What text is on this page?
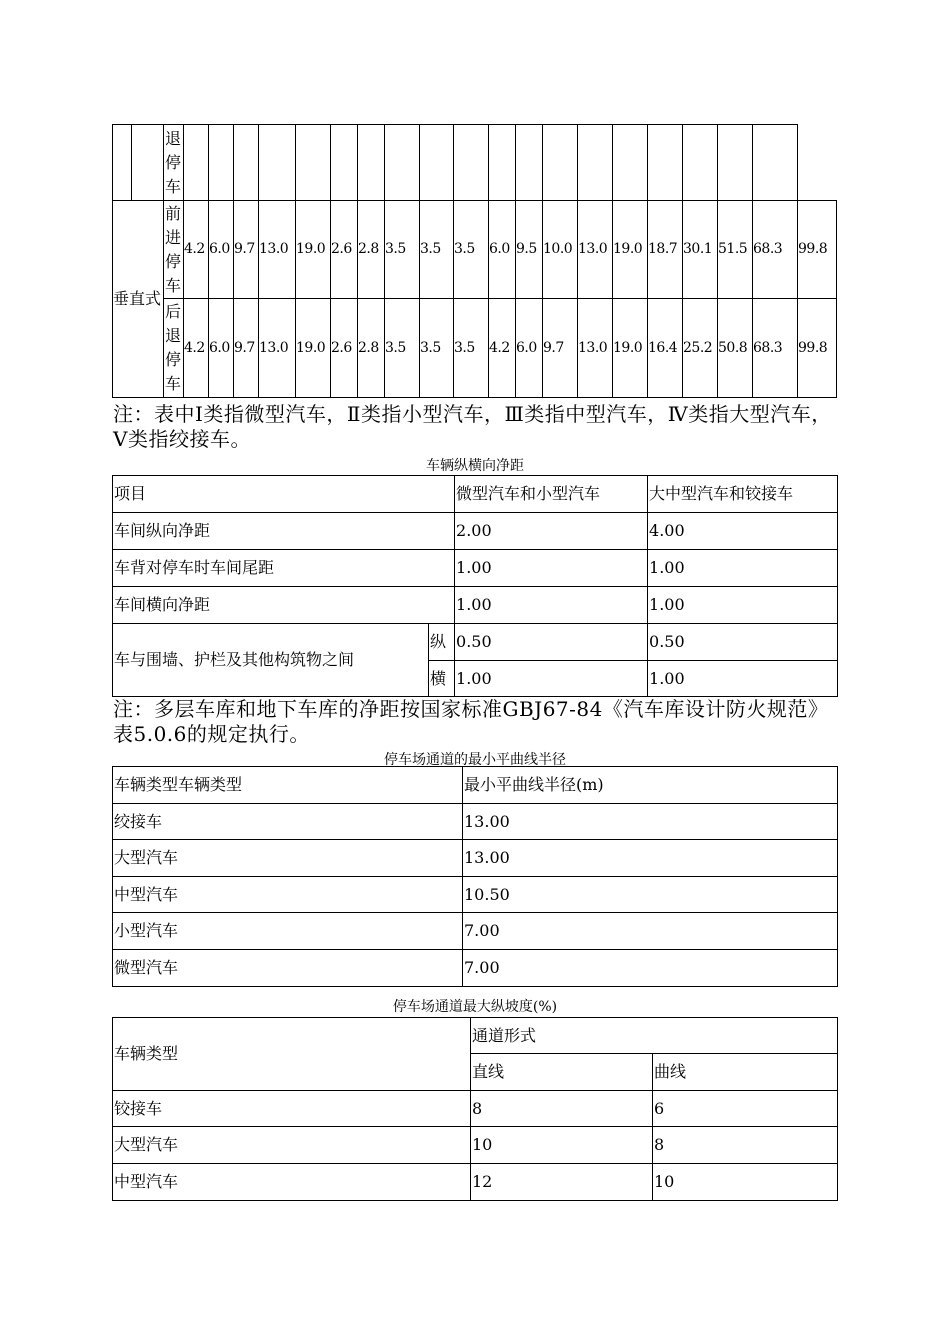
		退停车																				
垂直式		前进停车	4.2	6.0	9.7	13.0	19.0	2.6	2.8	3.5	3.5	3.5	6.0	9.5	10.0	13.0	19.0	18.7	30.1	51.5	68.3	99.8
		后退停车	4.2	6.0	9.7	13.0	19.0	2.6	2.8	3.5	3.5	3.5	4.2	6.0	9.7	13.0	19.0	16.4	25.2	50.8	68.3	99.8
注：表中Ⅰ类指微型汽车，Ⅱ类指小型汽车，Ⅲ类指中型汽车，Ⅳ类指大型汽车，Ⅴ类指绞接车。
车辆纵横向净距
项目		微型汽车和小型汽车	大中型汽车和铰接车
车间纵向净距		2.00	4.00
车背对停车时车间尾距		1.00	1.00
车间横向净距		1.00	1.00
车与围墙、护栏及其他构筑物之间	纵	0.50	0.50
	横	1.00	1.00
注：多层车库和地下车库的净距按国家标准GBJ67-84《汽车库设计防火规范》表5.0.6的规定执行。
停车场通道的最小平曲线半径
车辆类型车辆类型	最小平曲线半径(m)
绞接车	13.00
大型汽车	13.00
中型汽车	10.50
小型汽车	7.00
微型汽车	7.00
停车场通道最大纵坡度(%)
车辆类型	通道形式	
	直线	曲线
铰接车	8	6
大型汽车	10	8
中型汽车	12	10
